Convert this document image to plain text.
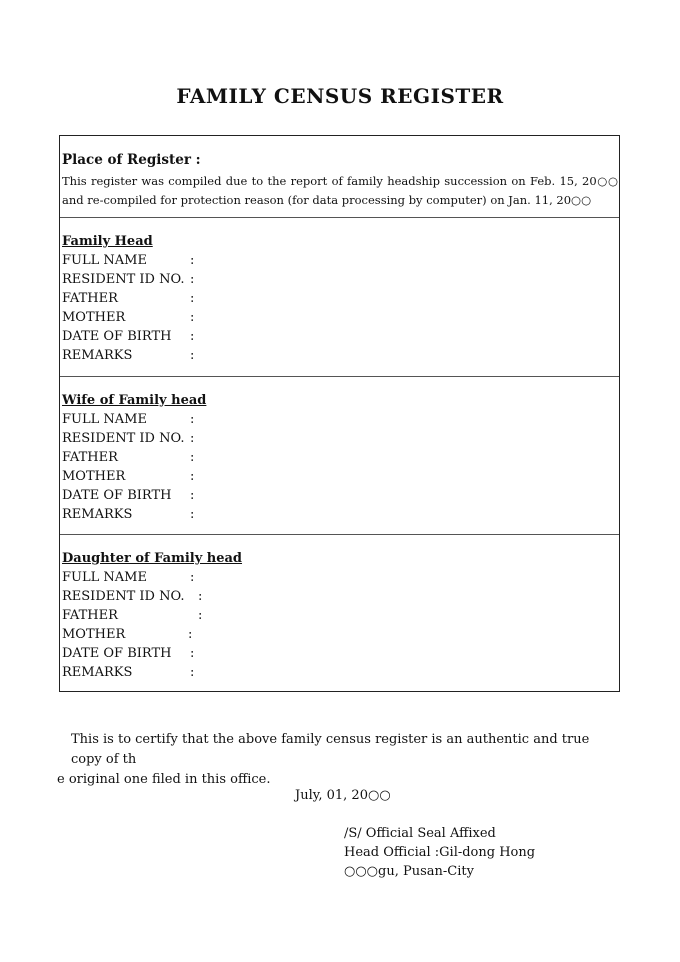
FAMILY CENSUS REGISTER
Place of Register :
This register was compiled due to the report of family headship succession on Feb. 15, 20○○ and re-compiled for protection reason (for data processing by computer) on Jan. 11, 20○○
Family Head
FULL NAME	:
RESIDENT ID NO. :
FATHER	:
MOTHER	:
DATE OF BIRTH :
REMARKS	:
Wife of Family head
FULL NAME	:
RESIDENT ID NO. :
FATHER	:
MOTHER	:
DATE OF BIRTH :
REMARKS	:
Daughter of Family head
FULL NAME	:
RESIDENT ID NO. :
FATHER	:
MOTHER	:
DATE OF BIRTH :
REMARKS	:
This is to certify that the above family census register is an authentic and true copy of th
e original one filed in this office.
July, 01, 20○○
/S/ Official Seal Affixed
Head Official :Gil-dong Hong
○○○gu, Pusan-City
